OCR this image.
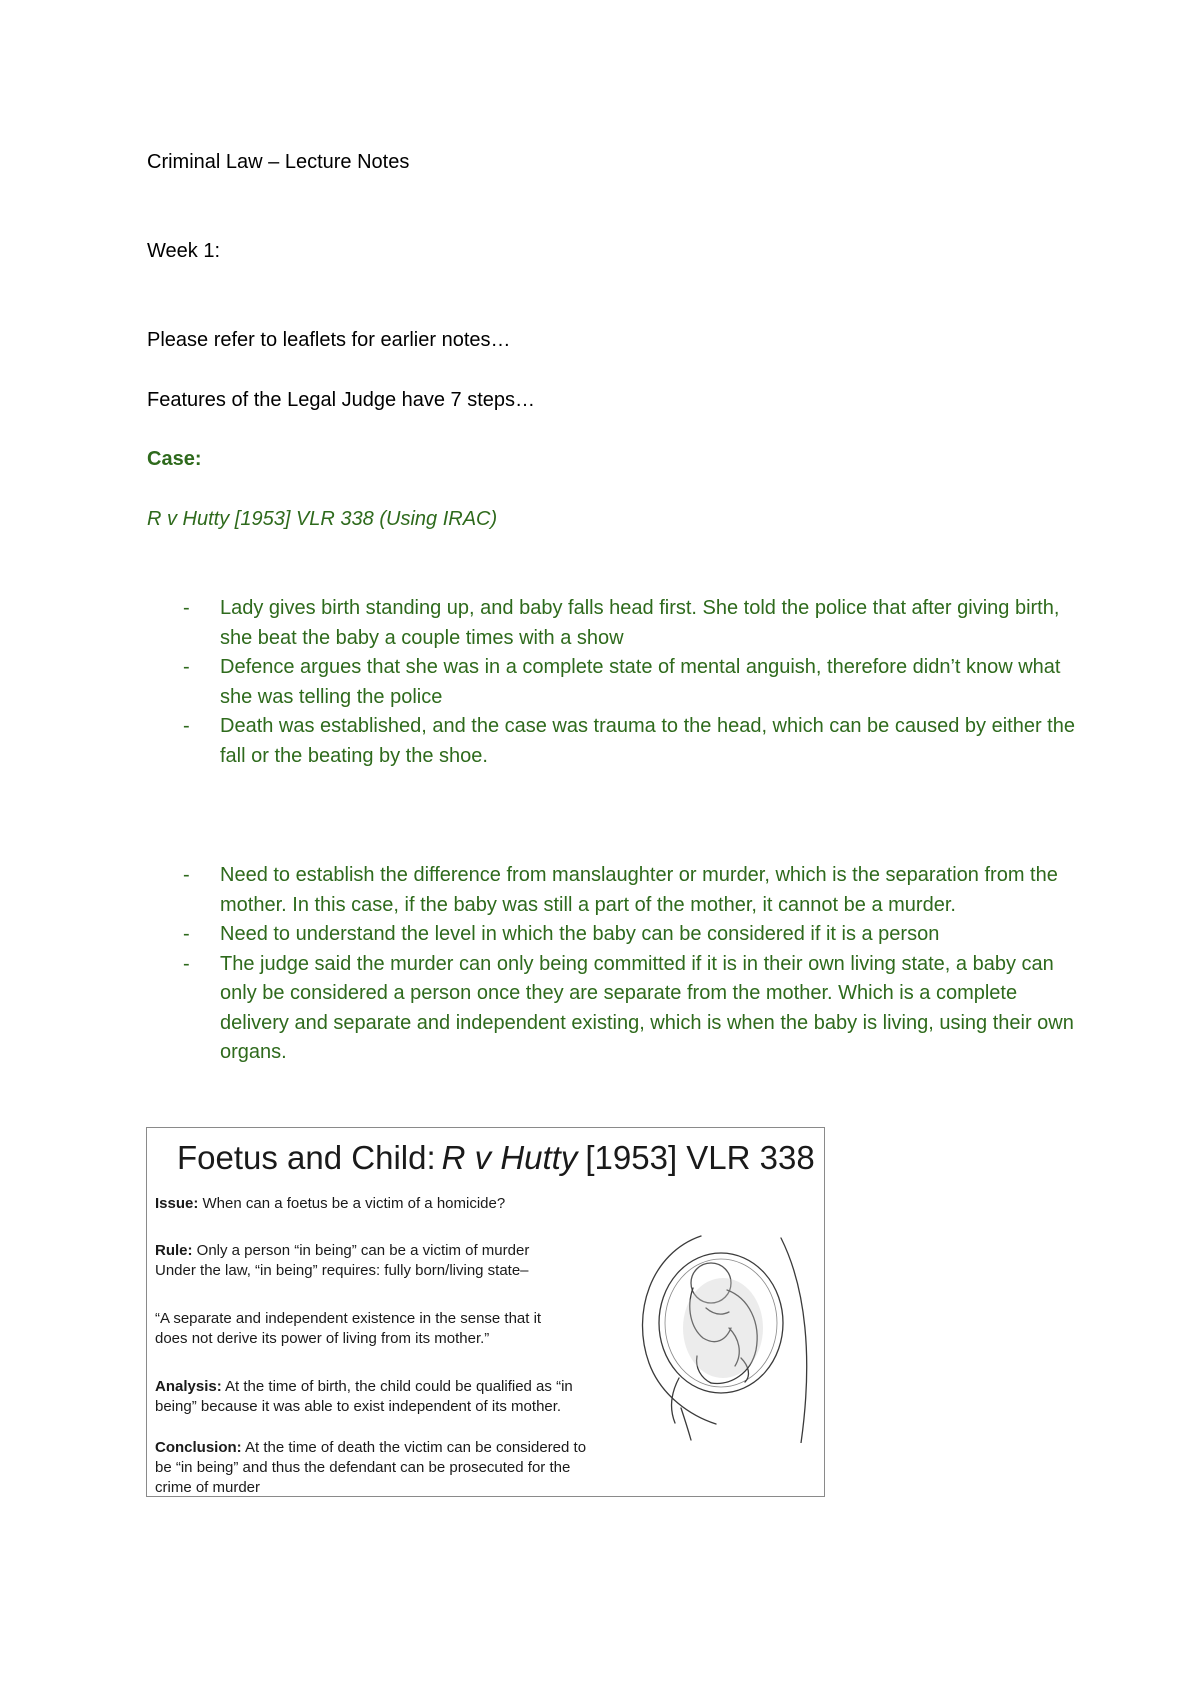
Criminal Law – Lecture Notes
Week 1:
Please refer to leaflets for earlier notes…
Features of the Legal Judge have 7 steps…
Case:
R v Hutty [1953] VLR 338 (Using IRAC)
- Lady gives birth standing up, and baby falls head first. She told the police that after giving birth, she beat the baby a couple times with a show
- Defence argues that she was in a complete state of mental anguish, therefore didn’t know what she was telling the police
- Death was established, and the case was trauma to the head, which can be caused by either the fall or the beating by the shoe.
- Need to establish the difference from manslaughter or murder, which is the separation from the mother. In this case, if the baby was still a part of the mother, it cannot be a murder.
- Need to understand the level in which the baby can be considered if it is a person
- The judge said the murder can only being committed if it is in their own living state, a baby can only be considered a person once they are separate from the mother. Which is a complete delivery and separate and independent existing, which is when the baby is living, using their own organs.
Foetus and Child: R v Hutty [1953] VLR 338
Issue: When can a foetus be a victim of a homicide?
Rule: Only a person “in being” can be a victim of murder
Under the law, “in being” requires: fully born/living state–
“A separate and independent existence in the sense that it does not derive its power of living from its mother.”
Analysis: At the time of birth, the child could be qualified as “in being” because it was able to exist independent of its mother.
Conclusion: At the time of death the victim can be considered to be “in being” and thus the defendant can be prosecuted for the crime of murder
